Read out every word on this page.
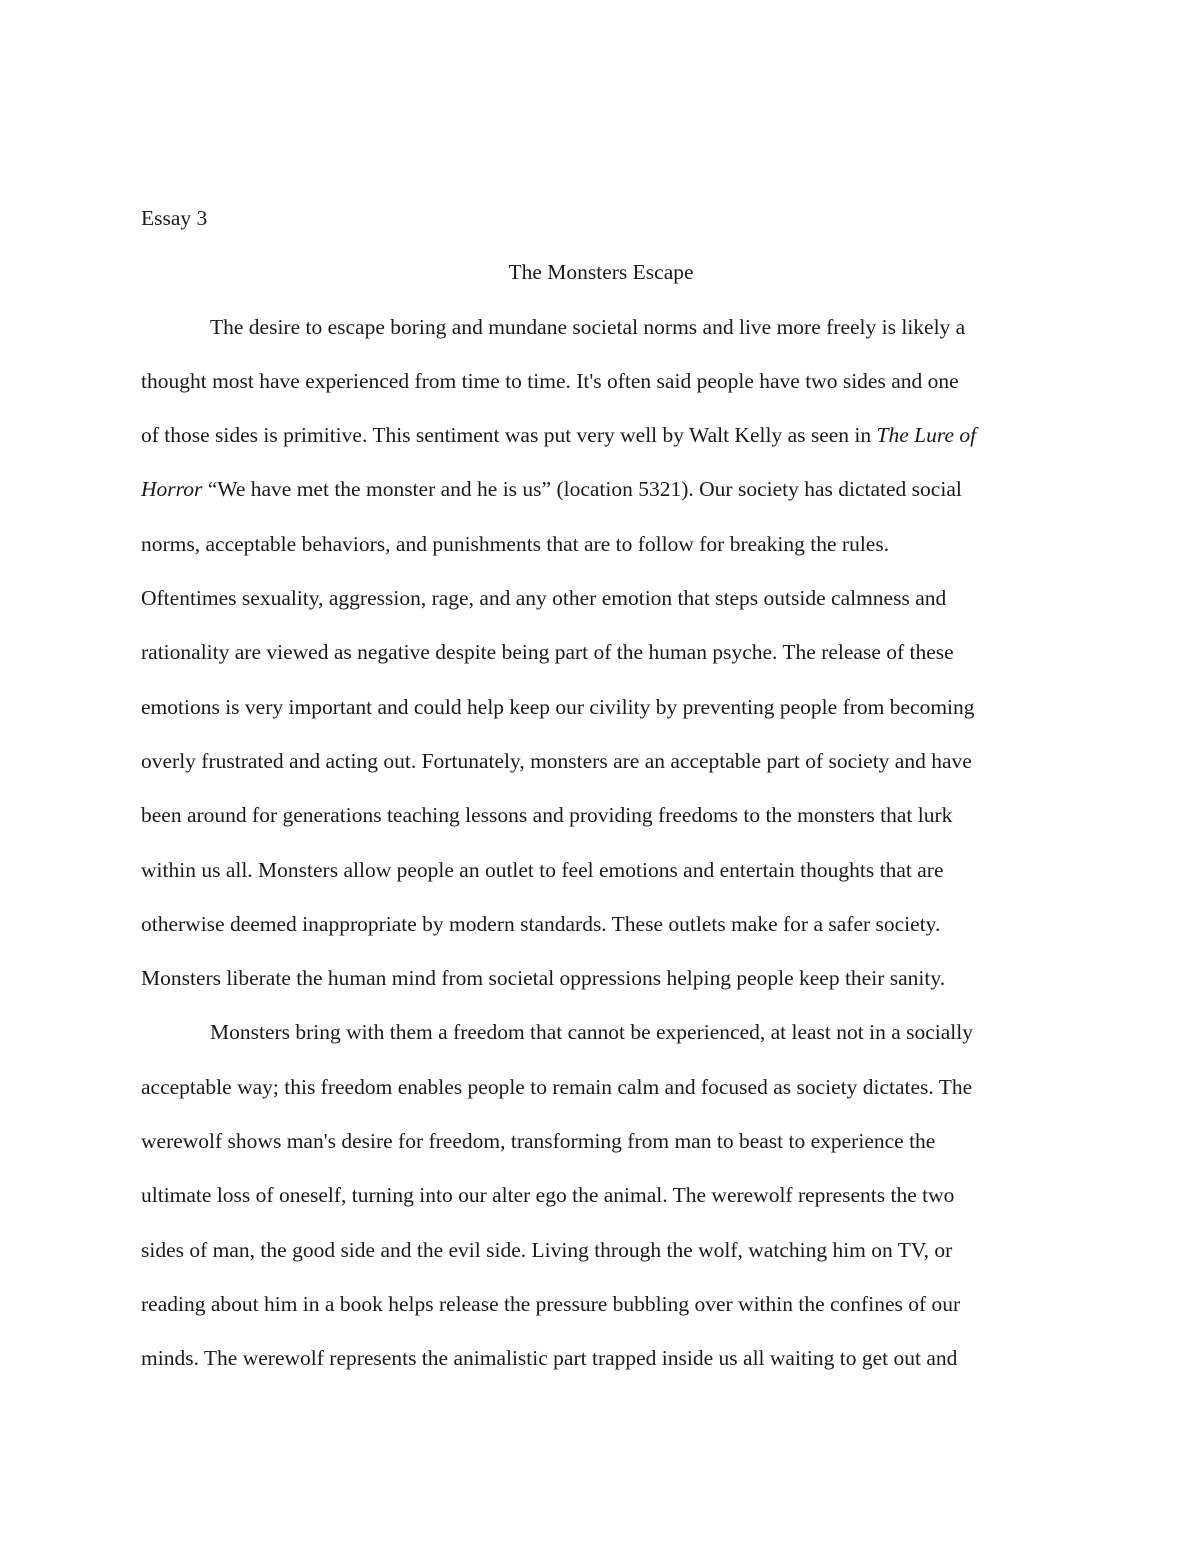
Essay 3
The Monsters Escape
The desire to escape boring and mundane societal norms and live more freely is likely a
thought most have experienced from time to time. It's often said people have two sides and one
of those sides is primitive. This sentiment was put very well by Walt Kelly as seen in The Lure of
Horror “We have met the monster and he is us” (location 5321). Our society has dictated social
norms, acceptable behaviors, and punishments that are to follow for breaking the rules.
Oftentimes sexuality, aggression, rage, and any other emotion that steps outside calmness and
rationality are viewed as negative despite being part of the human psyche. The release of these
emotions is very important and could help keep our civility by preventing people from becoming
overly frustrated and acting out. Fortunately, monsters are an acceptable part of society and have
been around for generations teaching lessons and providing freedoms to the monsters that lurk
within us all. Monsters allow people an outlet to feel emotions and entertain thoughts that are
otherwise deemed inappropriate by modern standards. These outlets make for a safer society.
Monsters liberate the human mind from societal oppressions helping people keep their sanity.
Monsters bring with them a freedom that cannot be experienced, at least not in a socially
acceptable way; this freedom enables people to remain calm and focused as society dictates. The
werewolf shows man's desire for freedom, transforming from man to beast to experience the
ultimate loss of oneself, turning into our alter ego the animal. The werewolf represents the two
sides of man, the good side and the evil side. Living through the wolf, watching him on TV, or
reading about him in a book helps release the pressure bubbling over within the confines of our
minds. The werewolf represents the animalistic part trapped inside us all waiting to get out and
